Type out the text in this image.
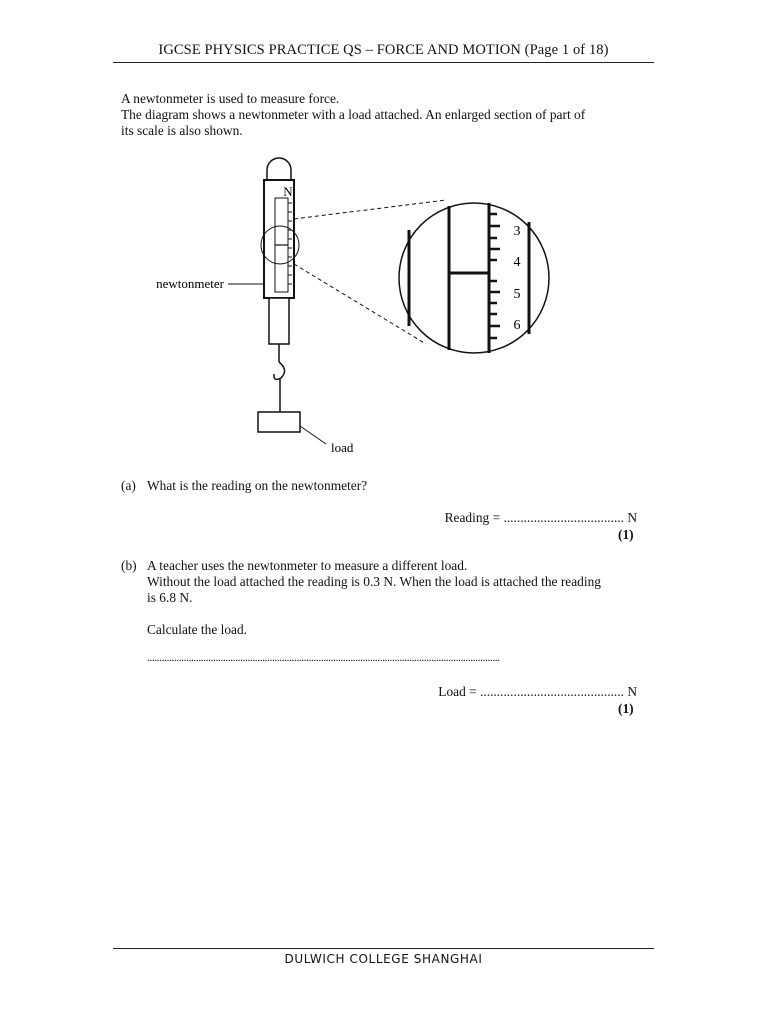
IGCSE PHYSICS PRACTICE QS – FORCE AND MOTION (Page 1 of 18)
A newtonmeter is used to measure force.
The diagram shows a newtonmeter with a load attached. An enlarged section of part of
its scale is also shown.
N
newtonmeter
load
3
4
5
6
(a) What is the reading on the newtonmeter?
Reading = .................................... N
(1)
(b) A teacher uses the newtonmeter to measure a different load.
Without the load attached the reading is 0.3 N. When the load is attached the reading
is 6.8 N.
Calculate the load.
................................................................................................................................................
Load = ........................................... N
(1)
DULWICH COLLEGE SHANGHAI
